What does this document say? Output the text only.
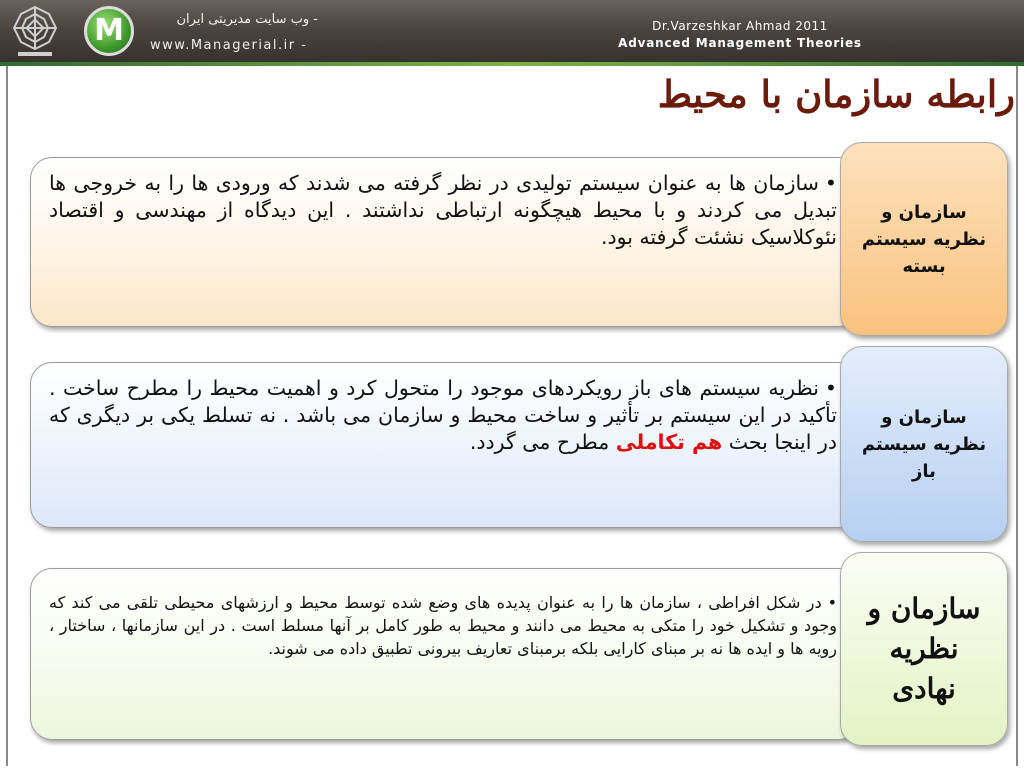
M	- وب سایت مدیریتی ایران
www.Managerial.ir -
Dr.Varzeshkar Ahmad 2011
Advanced Management Theories
رابطه سازمان با محیط
•سازمان ها به عنوان سیستم تولیدی در نظر گرفته می شدند که ورودی ها را به خروجی ها تبدیل می کردند و با محیط هیچگونه ارتباطی نداشتند . این دیدگاه از مهندسی و اقتصاد نئوکلاسیک نشئت گرفته بود.
سازمان و نظریه سیستم بسته
•نظریه سیستم های باز رویکردهای موجود را متحول کرد و اهمیت محیط را مطرح ساخت . تأکید در این سیستم بر تأثیر و ساخت محیط و سازمان می باشد . نه تسلط یکی بر دیگری که در اینجا بحث هم تکاملی مطرح می گردد.
سازمان و نظریه سیستم باز
•در شکل افراطی ، سازمان ها را به عنوان پدیده های وضع شده توسط محیط و ارزشهای محیطی تلقی می کند که وجود و تشکیل خود را متکی به محیط می دانند و محیط به طور کامل بر آنها مسلط است . در این سازمانها ، ساختار ، رویه ها و ایده ها نه بر مبنای کارایی بلکه برمبنای تعاریف بیرونی تطبیق داده می شوند.
سازمان و نظریه نهادی
